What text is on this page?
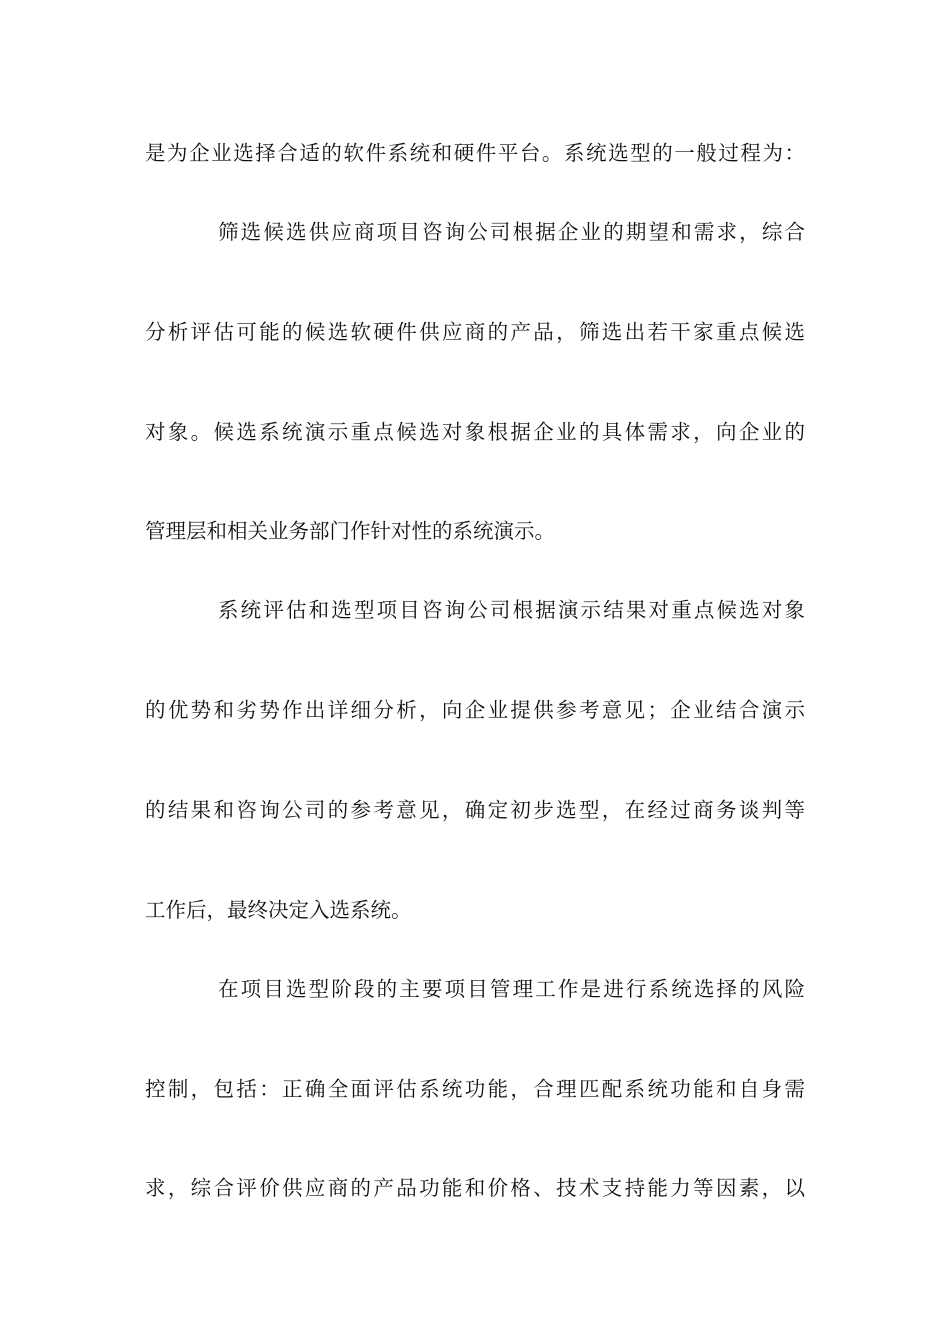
是为企业选择合适的软件系统和硬件平台。系统选型的一般过程为：

筛选候选供应商项目咨询公司根据企业的期望和需求，综合

分析评估可能的候选软硬件供应商的产品，筛选出若干家重点候选

对象。候选系统演示重点候选对象根据企业的具体需求，向企业的

管理层和相关业务部门作针对性的系统演示。

系统评估和选型项目咨询公司根据演示结果对重点候选对象

的优势和劣势作出详细分析，向企业提供参考意见；企业结合演示

的结果和咨询公司的参考意见，确定初步选型，在经过商务谈判等

工作后，最终决定入选系统。

在项目选型阶段的主要项目管理工作是进行系统选择的风险

控制，包括：正确全面评估系统功能，合理匹配系统功能和自身需

求，综合评价供应商的产品功能和价格、技术支持能力等因素，以
